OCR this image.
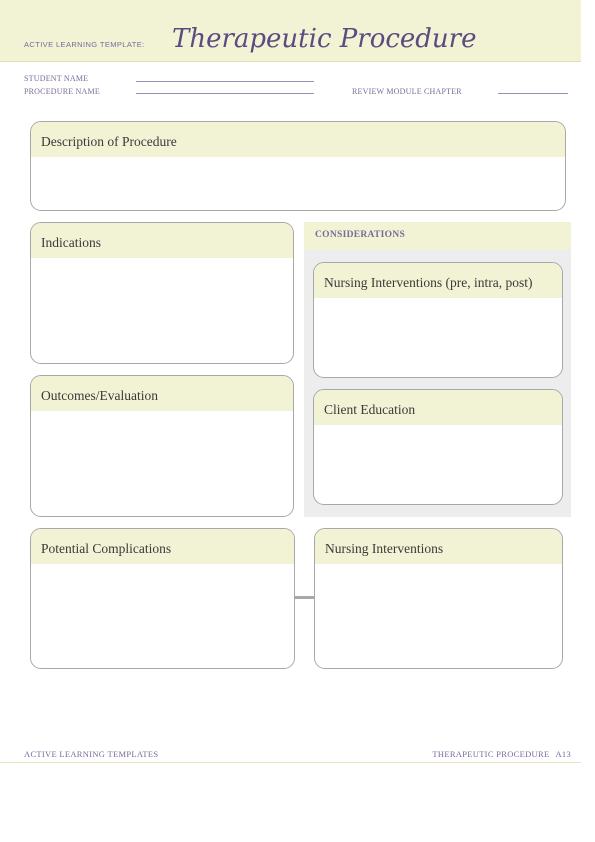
ACTIVE LEARNING TEMPLATE: Therapeutic Procedure
STUDENT NAME
PROCEDURE NAME	REVIEW MODULE CHAPTER
Description of Procedure
Indications
Outcomes/Evaluation
CONSIDERATIONS
Nursing Interventions (pre, intra, post)
Client Education
Potential Complications	Nursing Interventions
ACTIVE LEARNING TEMPLATES	THERAPEUTIC PROCEDURE A13
